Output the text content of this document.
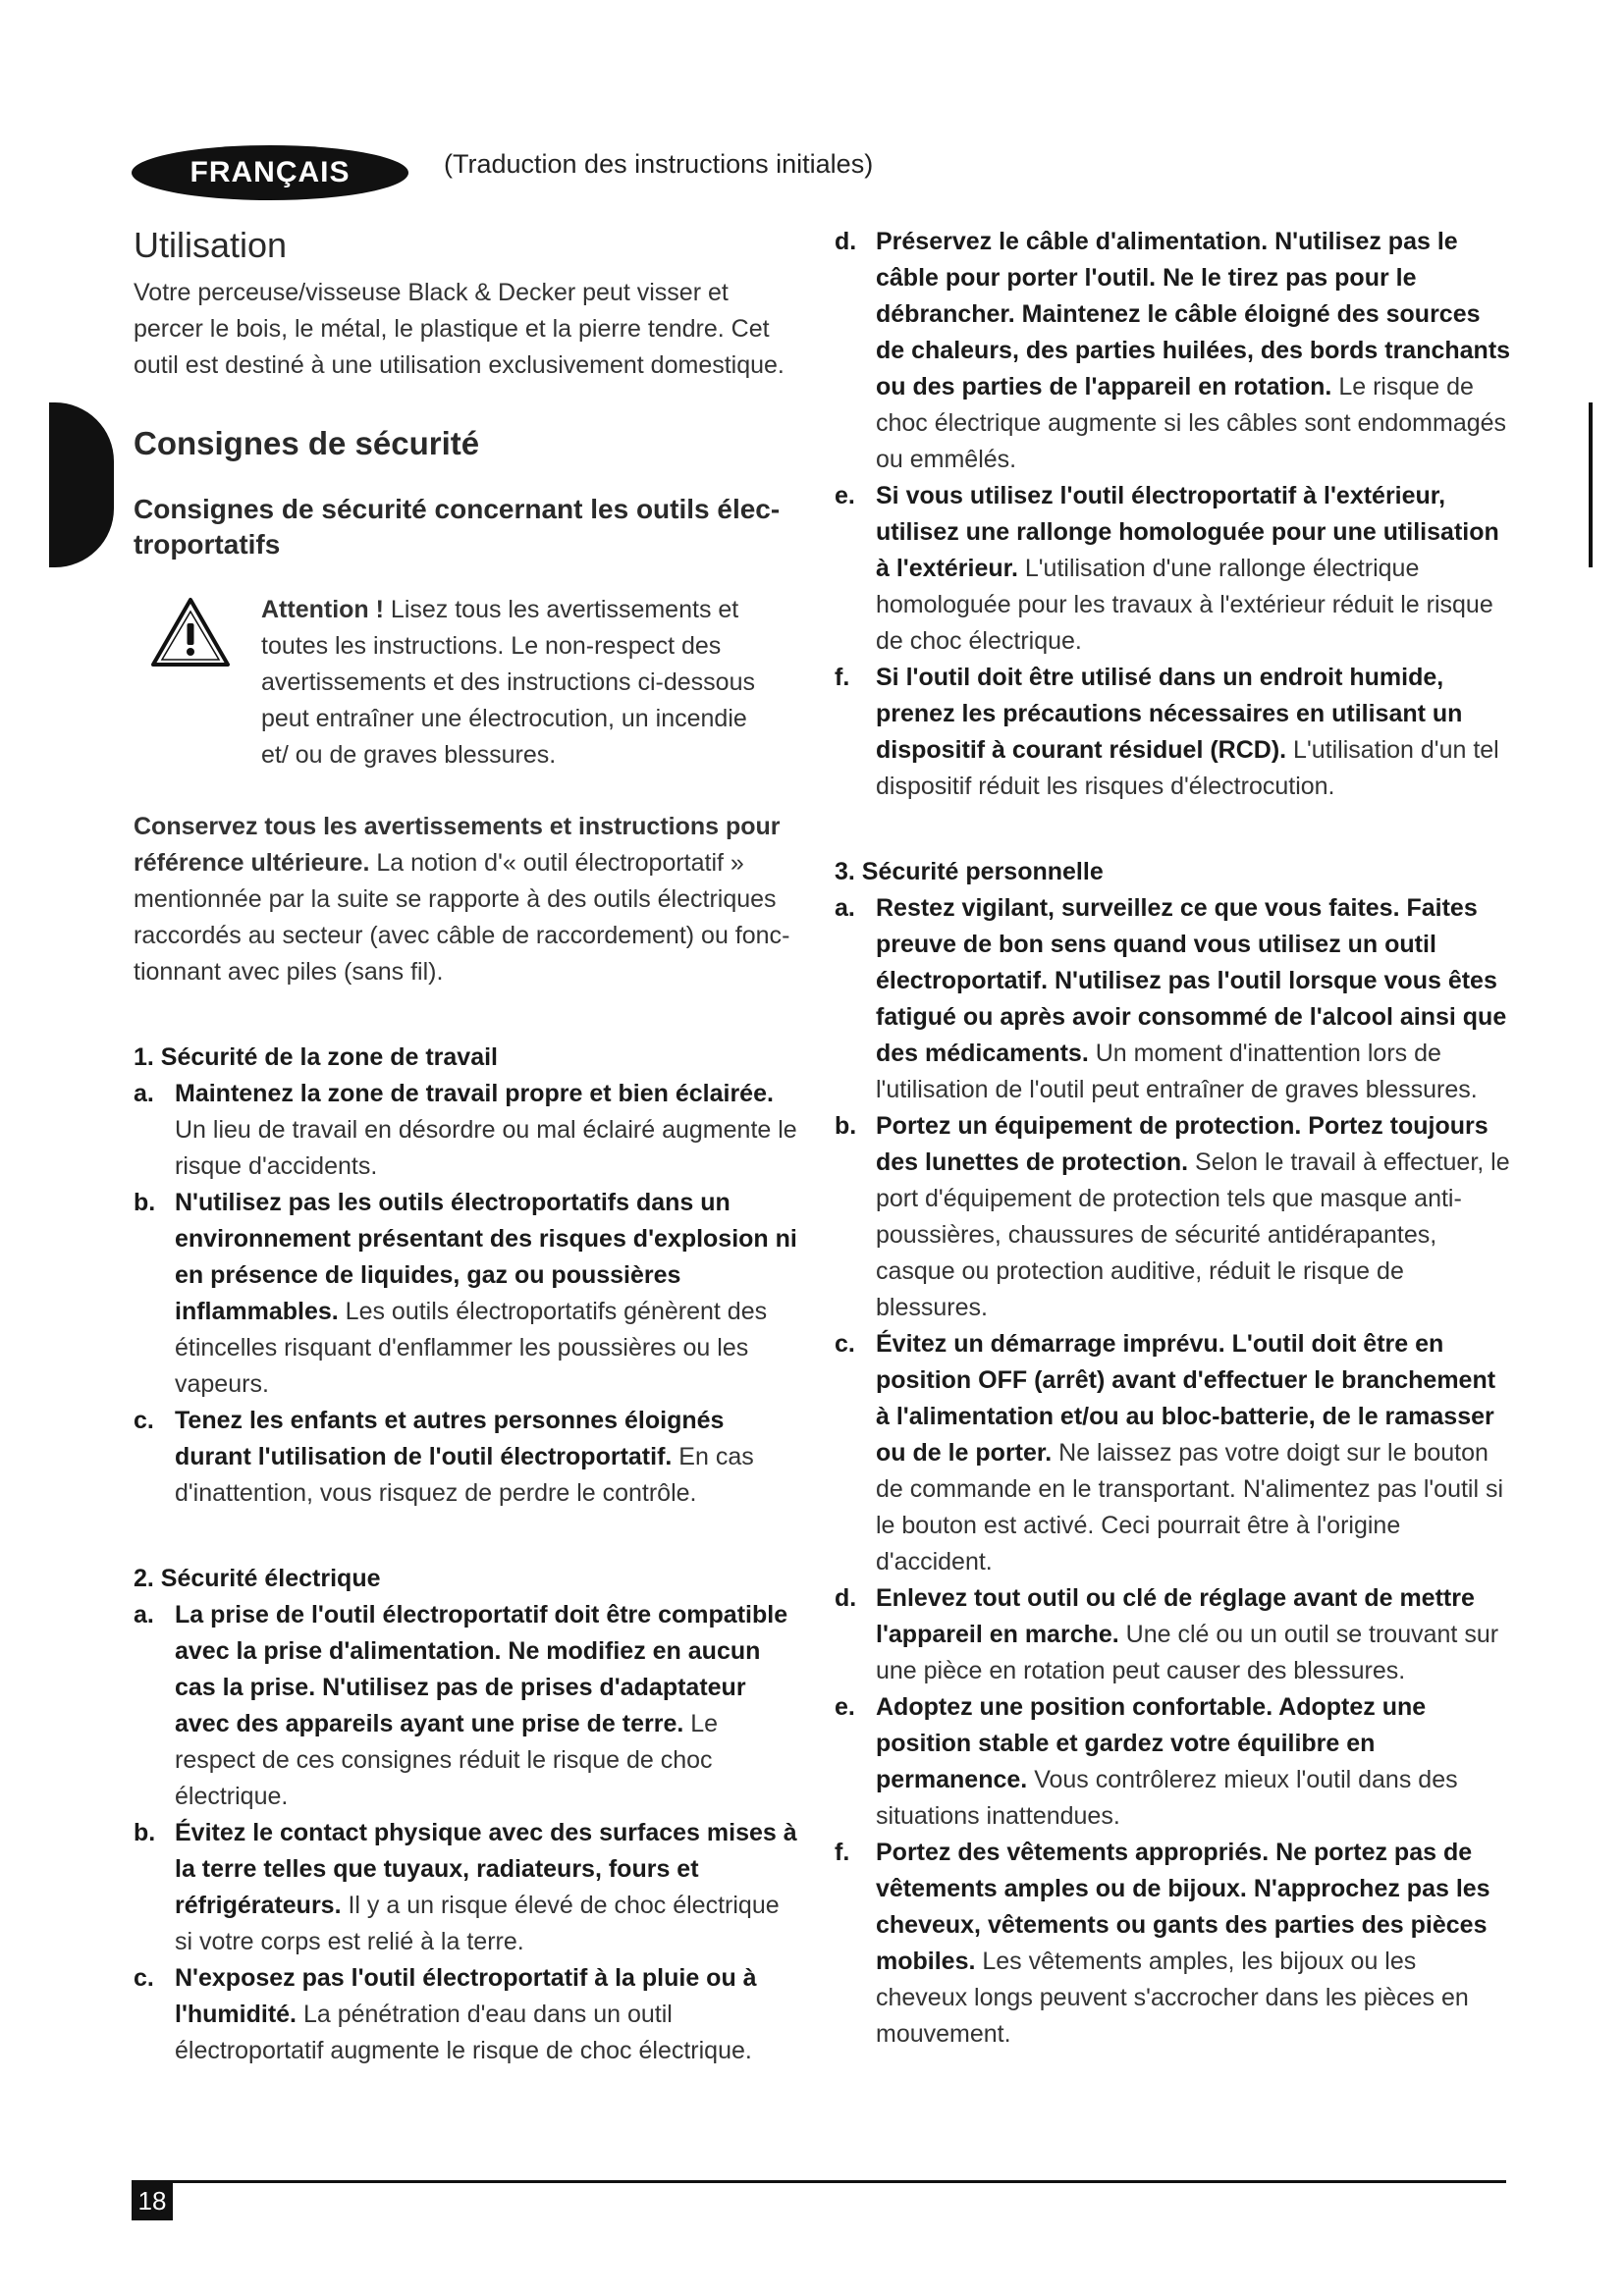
FRANÇAIS	(Traduction des instructions initiales)
Utilisation

Votre perceuse/visseuse Black & Decker peut visser et percer le bois, le métal, le plastique et la pierre tendre. Cet outil est destiné à une utilisation exclusivement domestique.

Consignes de sécurité
Consignes de sécurité concernant les outils électroportatifs

Attention ! Lisez tous les avertissements et toutes les instructions. Le non-respect des avertissements et des instructions ci-dessous peut entraîner une électrocution, un incendie et/ ou de graves blessures.

Conservez tous les avertissements et instructions pour référence ultérieure. La notion d'« outil électroportatif » mentionnée par la suite se rapporte à des outils électriques raccordés au secteur (avec câble de raccordement) ou fonctionnant avec piles (sans fil).

1. Sécurité de la zone de travail

a. Maintenez la zone de travail propre et bien éclairée. Un lieu de travail en désordre ou mal éclairé augmente le risque d'accidents.
b. N'utilisez pas les outils électroportatifs dans un environnement présentant des risques d'explosion ni en présence de liquides, gaz ou poussières inflammables. Les outils électroportatifs génèrent des étincelles risquant d'enflammer les poussières ou les vapeurs.
c. Tenez les enfants et autres personnes éloignés durant l'utilisation de l'outil électroportatif. En cas d'inattention, vous risquez de perdre le contrôle.

2. Sécurité électrique

a. La prise de l'outil électroportatif doit être compatible avec la prise d'alimentation. Ne modifiez en aucun cas la prise. N'utilisez pas de prises d'adaptateur avec des appareils ayant une prise de terre. Le respect de ces consignes réduit le risque de choc électrique.
b. Évitez le contact physique avec des surfaces mises à la terre telles que tuyaux, radiateurs, fours et réfrigérateurs. Il y a un risque élevé de choc électrique si votre corps est relié à la terre.
c. N'exposez pas l'outil électroportatif à la pluie ou à l'humidité. La pénétration d'eau dans un outil électroportatif augmente le risque de choc électrique.
d. Préservez le câble d'alimentation. N'utilisez pas le câble pour porter l'outil. Ne le tirez pas pour le débrancher. Maintenez le câble éloigné des sources de chaleurs, des parties huilées, des bords tranchants ou des parties de l'appareil en rotation. Le risque de choc électrique augmente si les câbles sont endommagés ou emmêlés.
e. Si vous utilisez l'outil électroportatif à l'extérieur, utilisez une rallonge homologuée pour une utilisation à l'extérieur. L'utilisation d'une rallonge électrique homologuée pour les travaux à l'extérieur réduit le risque de choc électrique.
f. Si l'outil doit être utilisé dans un endroit humide, prenez les précautions nécessaires en utilisant un dispositif à courant résiduel (RCD). L'utilisation d'un tel dispositif réduit les risques d'électrocution.

3. Sécurité personnelle

a. Restez vigilant, surveillez ce que vous faites. Faites preuve de bon sens quand vous utilisez un outil électroportatif. N'utilisez pas l'outil lorsque vous êtes fatigué ou après avoir consommé de l'alcool ainsi que des médicaments. Un moment d'inattention lors de l'utilisation de l'outil peut entraîner de graves blessures.
b. Portez un équipement de protection. Portez toujours des lunettes de protection. Selon le travail à effectuer, le port d'équipement de protection tels que masque anti-poussières, chaussures de sécurité antidérapantes, casque ou protection auditive, réduit le risque de blessures.
c. Évitez un démarrage imprévu. L'outil doit être en position OFF (arrêt) avant d'effectuer le branchement à l'alimentation et/ou au bloc-batterie, de le ramasser ou de le porter. Ne laissez pas votre doigt sur le bouton de commande en le transportant. N'alimentez pas l'outil si le bouton est activé. Ceci pourrait être à l'origine d'accident.
d. Enlevez tout outil ou clé de réglage avant de mettre l'appareil en marche. Une clé ou un outil se trouvant sur une pièce en rotation peut causer des blessures.
e. Adoptez une position confortable. Adoptez une position stable et gardez votre équilibre en permanence. Vous contrôlerez mieux l'outil dans des situations inattendues.
f. Portez des vêtements appropriés. Ne portez pas de vêtements amples ou de bijoux. N'approchez pas les cheveux, vêtements ou gants des parties des pièces mobiles. Les vêtements amples, les bijoux ou les cheveux longs peuvent s'accrocher dans les pièces en mouvement.
18
